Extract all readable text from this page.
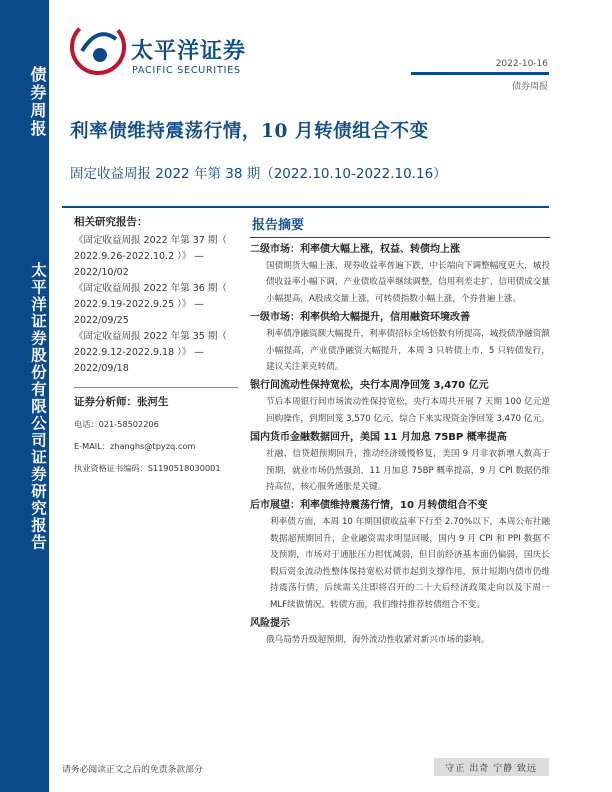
债券周报
太平洋证券股份有限公司证券研究报告
太平洋证券
PACIFIC SECURITIES
2022-10-16
债券周报
利率债维持震荡行情，10 月转债组合不变
固定收益周报 2022 年第 38 期（2022.10.10-2022.10.16）
相关研究报告：
《固定收益周报 2022 年第 37 期（ 2022.9.26-2022.10.2 ）》 — 2022/10/02
《固定收益周报 2022 年第 36 期（ 2022.9.19-2022.9.25 ）》 — 2022/09/25
《固定收益周报 2022 年第 35 期（ 2022.9.12-2022.9.18 ）》 — 2022/09/18
证券分析师：张河生
电话：021-58502206
E-MAIL：zhanghs@tpyzq.com
执业资格证书编码：S1190518030001
报告摘要
二级市场：利率债大幅上涨，权益、转债均上涨
国债期货大幅上涨，现券收益率普遍下跌，中长端向下调整幅度更大，城投债收益率小幅下调，产业债收益率继续调整，信用利差走扩，信用债成交量小幅提高，A股成交量上涨，可转债指数小幅上涨，个券普遍上涨。
一级市场：利率供给大幅提升，信用融资环境改善
利率债净融资额大幅提升，利率债招标全场倍数有所提高，城投债净融资额小幅提高，产业债净融资大幅提升，本周 3 只转债上市，5 只转债发行，建议关注莱克转债。
银行间流动性保持宽松，央行本周净回笼 3,470 亿元
节后本周银行间市场流动性保持宽松，央行本周共开展 7 天期 100 亿元逆回购操作，到期回笼 3,570 亿元，综合下来实现资金净回笼 3,470 亿元。
国内货币金融数据回升，美国 11 月加息 75BP 概率提高
社融、信贷超预期回升，推动经济缓慢修复，美国 9 月非农新增人数高于预期，就业市场仍然强劲，11 月加息 75BP 概率提高，9 月 CPI 数据仍维持高位，核心服务通胀是关键。
后市展望：利率债维持震荡行情，10 月转债组合不变
利率债方面，本周 10 年期国债收益率下行至 2.70%以下，本周公布社融数据超预期回升，企业融资需求明显回暖，国内 9 月 CPI 和 PPI 数据不及预期，市场对于通胀压力担忧减弱，但目前经济基本面仍偏弱，国庆长假后资金流动性整体保持宽松对债市起到支撑作用，预计短期内债市仍维持震荡行情，后续需关注即将召开的二十大后经济政策走向以及下周一MLF续做情况。转债方面，我们维持推荐转债组合不变。
风险提示
俄乌局势升级超预期，海外流动性收紧对新兴市场的影响。
请务必阅读正文之后的免责条款部分	守正 出奇 宁静 致远
